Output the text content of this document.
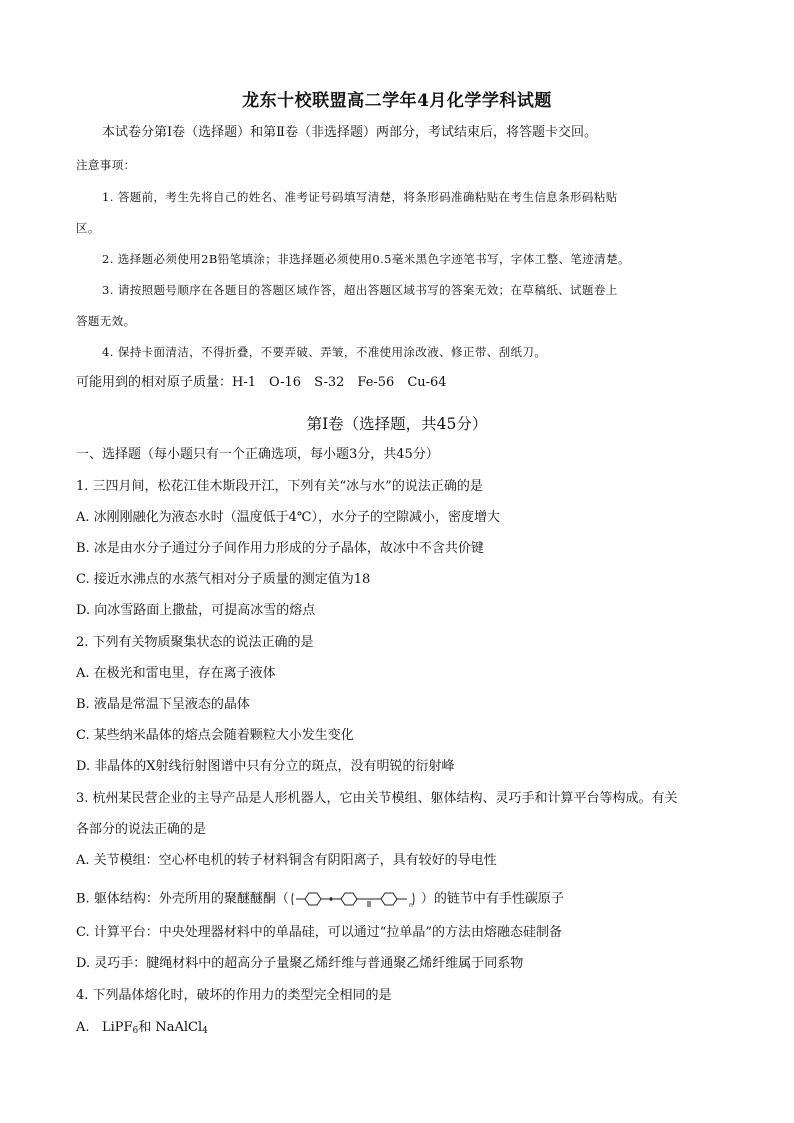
龙东十校联盟高二学年4月化学学科试题
本试卷分第Ⅰ卷（选择题）和第Ⅱ卷（非选择题）两部分，考试结束后，将答题卡交回。
注意事项：
1. 答题前，考生先将自己的姓名、准考证号码填写清楚，将条形码准确粘贴在考生信息条形码粘贴
区。
2. 选择题必须使用2B铅笔填涂；非选择题必须使用0.5毫米黑色字迹笔书写，字体工整、笔迹清楚。
3. 请按照题号顺序在各题目的答题区域作答，超出答题区域书写的答案无效；在草稿纸、试题卷上
答题无效。
4. 保持卡面清洁，不得折叠，不要弄破、弄皱，不准使用涂改液、修正带、刮纸刀。
可能用到的相对原子质量：H-1　O-16　S-32　Fe-56　Cu-64
第Ⅰ卷（选择题，共45分）
一、选择题（每小题只有一个正确选项，每小题3分，共45分）
1. 三四月间，松花江佳木斯段开江，下列有关“冰与水”的说法正确的是
A. 冰刚刚融化为液态水时（温度低于4℃），水分子的空隙减小，密度增大
B. 冰是由水分子通过分子间作用力形成的分子晶体，故冰中不含共价键
C. 接近水沸点的水蒸气相对分子质量的测定值为18
D. 向冰雪路面上撒盐，可提高冰雪的熔点
2. 下列有关物质聚集状态的说法正确的是
A. 在极光和雷电里，存在离子液体
B. 液晶是常温下呈液态的晶体
C. 某些纳米晶体的熔点会随着颗粒大小发生变化
D. 非晶体的X射线衍射图谱中只有分立的斑点，没有明锐的衍射峰
3. 杭州某民营企业的主导产品是人形机器人，它由关节模组、躯体结构、灵巧手和计算平台等构成。有关
各部分的说法正确的是
A. 关节模组：空心杯电机的转子材料铜含有阴阳离子，具有较好的导电性
B. 躯体结构：外壳所用的聚醚醚酮（	n ）的链节中有手性碳原子
C. 计算平台：中央处理器材料中的单晶硅，可以通过“拉单晶”的方法由熔融态硅制备
D. 灵巧手：腱绳材料中的超高分子量聚乙烯纤维与普通聚乙烯纤维属于同系物
4. 下列晶体熔化时，破坏的作用力的类型完全相同的是
A. LiPF$_6$和 NaAlCl$_4$
